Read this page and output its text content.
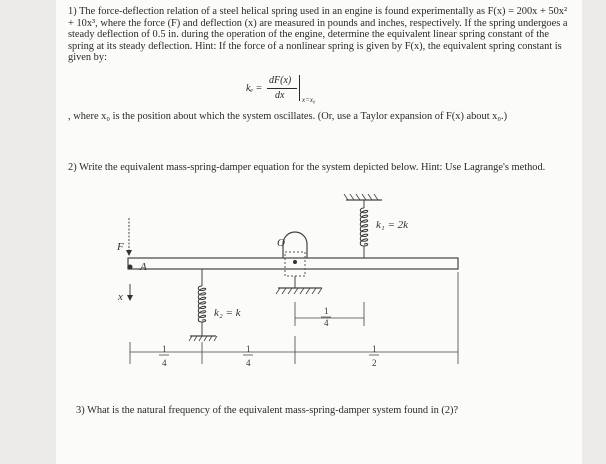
1) The force-deflection relation of a steel helical spring used in an engine is found experimentally as F(x) = 200x + 50x² + 10x³, where the force (F) and deflection (x) are measured in pounds and inches, respectively. If the spring undergoes a steady deflection of 0.5 in. during the operation of the engine, determine the equivalent linear spring constant of the spring at its steady deflection. Hint: If the force of a nonlinear spring is given by F(x), the equivalent spring constant is given by:
kₑ =
dF(x)
dx	x=x₀
, where x₀ is the position about which the system oscillates. (Or, use a Taylor expansion of F(x) about x₀.)
2) Write the equivalent mass-spring-damper equation for the system depicted below. Hint: Use Lagrange's method.
A
F
x
O
k₁ = 2k
k₂ = k	1
4
1
4
1
4
1
2
3) What is the natural frequency of the equivalent mass-spring-damper system found in (2)?
